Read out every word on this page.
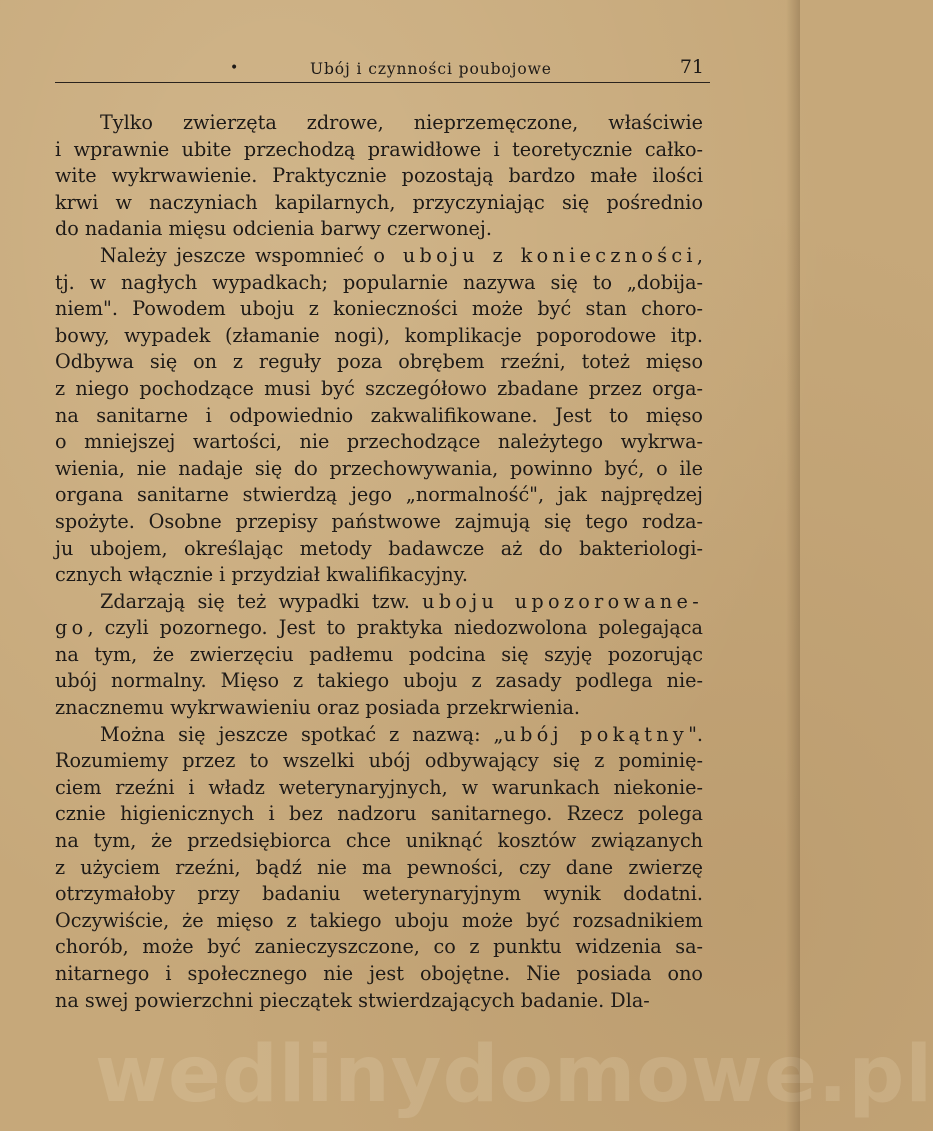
•	Ubój i czynności poubojowe	71
Tylko zwierzęta zdrowe, nieprzemęczone, właściwie
i wprawnie ubite przechodzą prawidłowe i teoretycznie całko-
wite wykrwawienie. Praktycznie pozostają bardzo małe ilości
krwi w naczyniach kapilarnych, przyczyniając się pośrednio
do nadania mięsu odcienia barwy czerwonej.
Należy jeszcze wspomnieć o uboju z konieczności,
tj. w nagłych wypadkach; popularnie nazywa się to „dobija-
niem". Powodem uboju z konieczności może być stan choro-
bowy, wypadek (złamanie nogi), komplikacje poporodowe itp.
Odbywa się on z reguły poza obrębem rzeźni, toteż mięso
z niego pochodzące musi być szczegółowo zbadane przez orga-
na sanitarne i odpowiednio zakwalifikowane. Jest to mięso
o mniejszej wartości, nie przechodzące należytego wykrwa-
wienia, nie nadaje się do przechowywania, powinno być, o ile
organa sanitarne stwierdzą jego „normalność", jak najprędzej
spożyte. Osobne przepisy państwowe zajmują się tego rodza-
ju ubojem, określając metody badawcze aż do bakteriologi-
cznych włącznie i przydział kwalifikacyjny.
Zdarzają się też wypadki tzw. uboju upozorowane-
go, czyli pozornego. Jest to praktyka niedozwolona polegająca
na tym, że zwierzęciu padłemu podcina się szyję pozorując
ubój normalny. Mięso z takiego uboju z zasady podlega nie-
znacznemu wykrwawieniu oraz posiada przekrwienia.
Można się jeszcze spotkać z nazwą: „ubój pokątny".
Rozumiemy przez to wszelki ubój odbywający się z pominię-
ciem rzeźni i władz weterynaryjnych, w warunkach niekonie-
cznie higienicznych i bez nadzoru sanitarnego. Rzecz polega
na tym, że przedsiębiorca chce uniknąć kosztów związanych
z użyciem rzeźni, bądź nie ma pewności, czy dane zwierzę
otrzymałoby przy badaniu weterynaryjnym wynik dodatni.
Oczywiście, że mięso z takiego uboju może być rozsadnikiem
chorób, może być zanieczyszczone, co z punktu widzenia sa-
nitarnego i społecznego nie jest obojętne. Nie posiada ono
na swej powierzchni pieczątek stwierdzających badanie. Dla-
wedlinydomowe.pl
